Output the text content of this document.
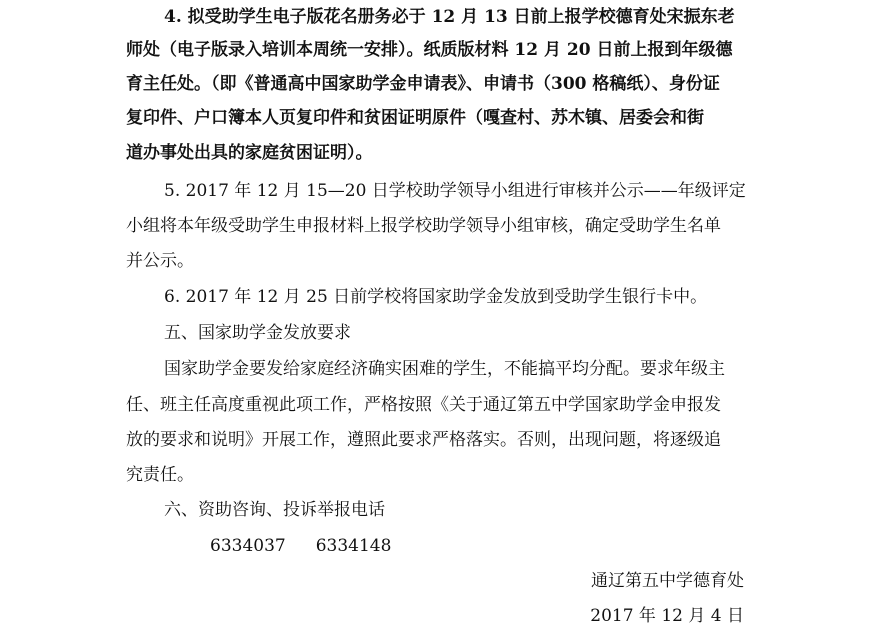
4. 拟受助学生电子版花名册务必于 12 月 13 日前上报学校德育处宋振东老
师处（电子版录入培训本周统一安排）。纸质版材料 12 月 20 日前上报到年级德
育主任处。（即《普通高中国家助学金申请表》、申请书（300 格稿纸）、身份证
复印件、户口簿本人页复印件和贫困证明原件（嘎查村、苏木镇、居委会和街
道办事处出具的家庭贫困证明）。
5. 2017 年 12 月 15—20 日学校助学领导小组进行审核并公示——年级评定
小组将本年级受助学生申报材料上报学校助学领导小组审核，确定受助学生名单
并公示。
6. 2017 年 12 月 25 日前学校将国家助学金发放到受助学生银行卡中。
五、国家助学金发放要求
国家助学金要发给家庭经济确实困难的学生，不能搞平均分配。要求年级主
任、班主任高度重视此项工作，严格按照《关于通辽第五中学国家助学金申报发
放的要求和说明》开展工作，遵照此要求严格落实。否则，出现问题，将逐级追
究责任。
六、资助咨询、投诉举报电话
6334037 6334148
通辽第五中学德育处
2017 年 12 月 4 日
